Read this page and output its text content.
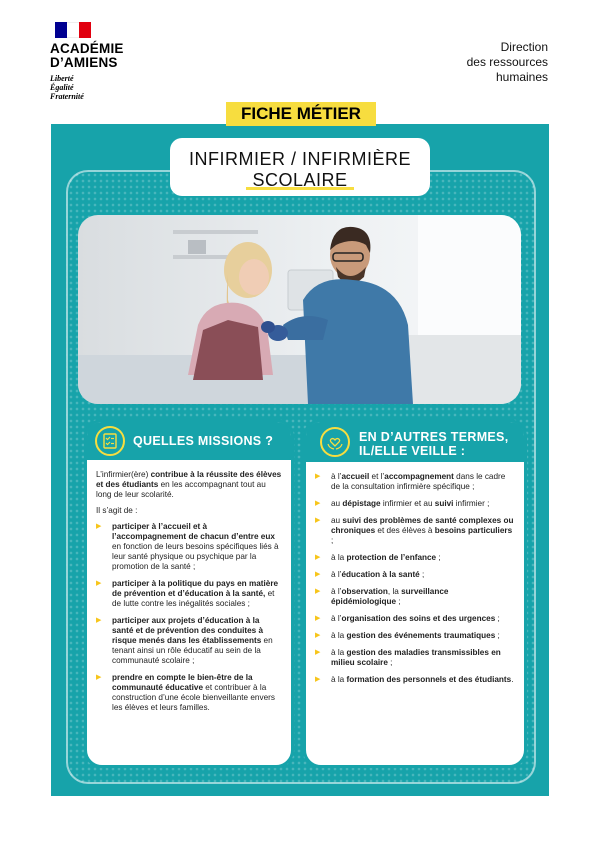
ACADÉMIE
D’AMIENS
Liberté
Égalité
Fraternité
Direction
des ressources
humaines
FICHE MÉTIER
INFIRMIER / INFIRMIÈRE
SCOLAIRE
QUELLES MISSIONS ?

L’infirmier(ère) contribue à la réussite des élèves et des étudiants en les accompagnant tout au long de leur scolarité.

Il s’agit de :

▶ participer à l’accueil et à l’accompagnement de chacun d’entre eux en fonction de leurs besoins spécifiques liés à leur santé physique ou psychique par la promotion de la santé ;
▶ participer à la politique du pays en matière de prévention et d’éducation à la santé, et de lutte contre les inégalités sociales ;
▶ participer aux projets d’éducation à la santé et de prévention des conduites à risque menés dans les établissements en tenant ainsi un rôle éducatif au sein de la communauté scolaire ;
▶ prendre en compte le bien-être de la communauté éducative et contribuer à la construction d’une école bienveillante envers les élèves et leurs familles.
EN D’AUTRES TERMES,
IL/ELLE VEILLE :
▶ à l’accueil et l’accompagnement dans le cadre de la consultation infirmière spécifique ;
▶ au dépistage infirmier et au suivi infirmier ;
▶ au suivi des problèmes de santé complexes ou chroniques et des élèves à besoins particuliers ;
▶ à la protection de l’enfance ;
▶ à l’éducation à la santé ;
▶ à l’observation, la surveillance épidémiologique ;
▶ à l’organisation des soins et des urgences ;
▶ à la gestion des événements traumatiques ;
▶ à la gestion des maladies transmissibles en milieu scolaire ;
▶ à la formation des personnels et des étudiants.
